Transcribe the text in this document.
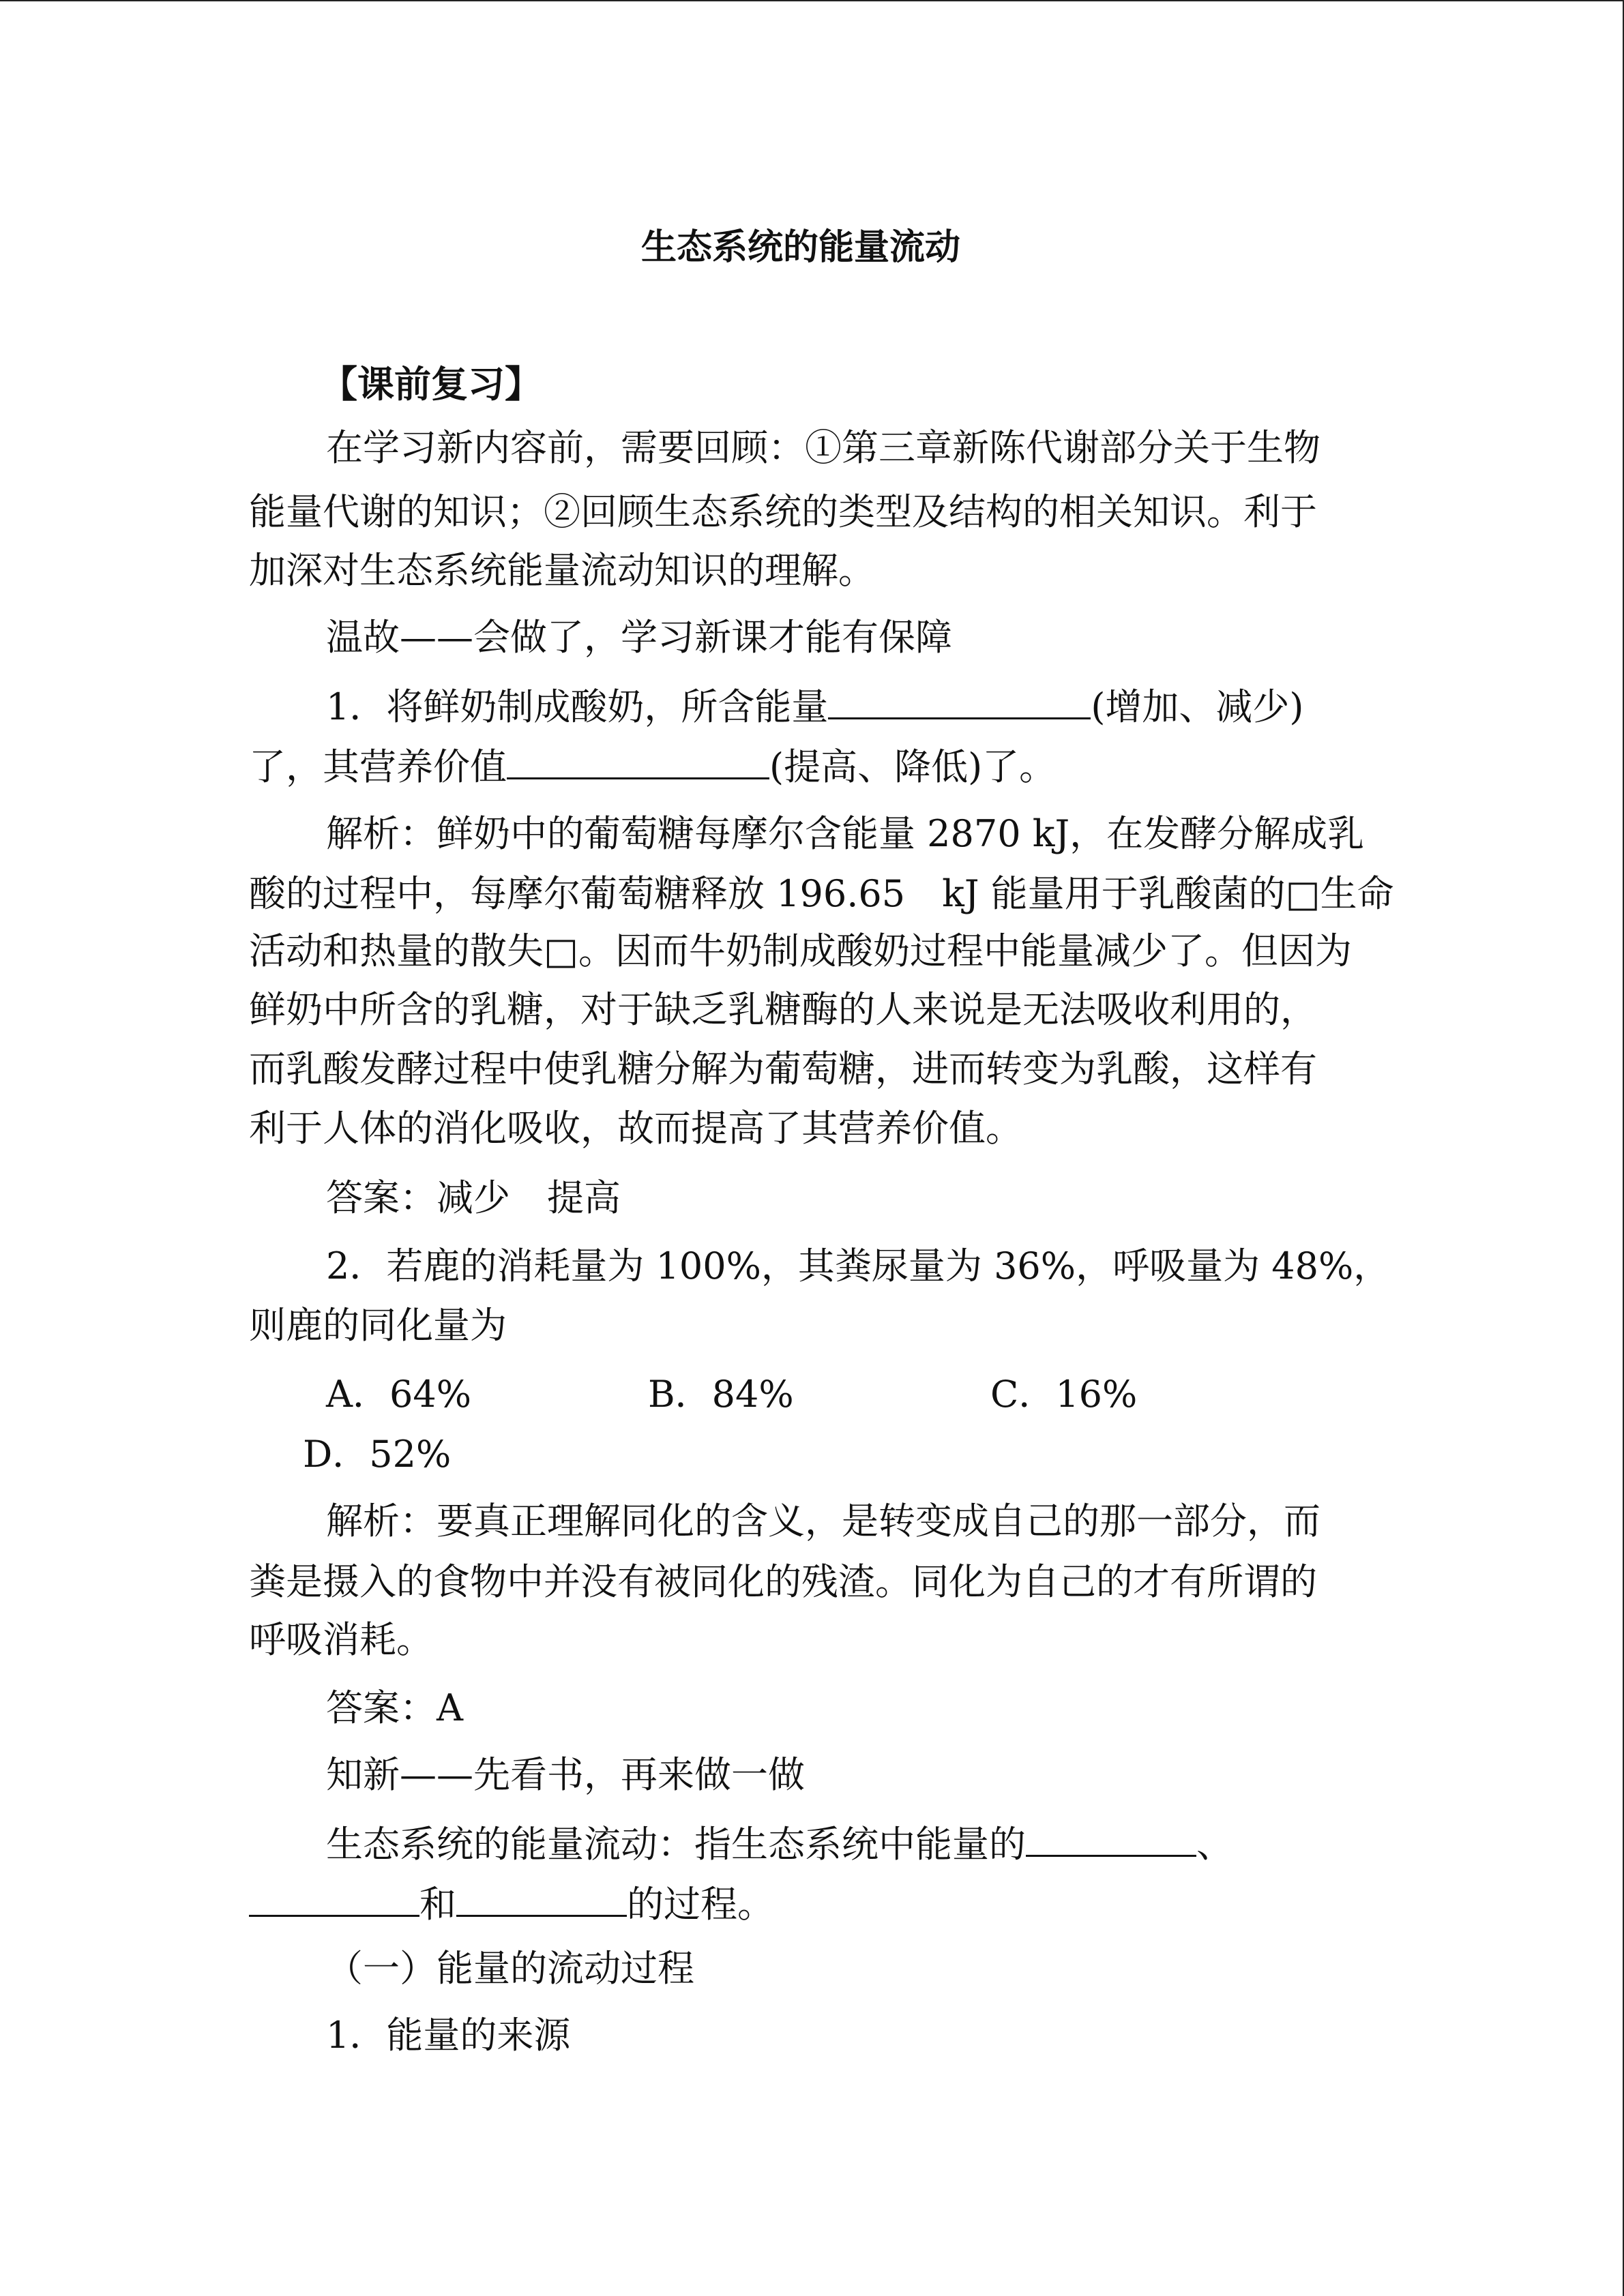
生态系统的能量流动
【课前复习】
在学习新内容前，需要回顾：①第三章新陈代谢部分关于生物
能量代谢的知识；②回顾生态系统的类型及结构的相关知识。利于
加深对生态系统能量流动知识的理解。
温故——会做了，学习新课才能有保障
1．将鲜奶制成酸奶，所含能量	(增加、减少)
了，其营养价值	(提高、降低)了。
解析：鲜奶中的葡萄糖每摩尔含能量 2870 kJ，在发酵分解成乳
酸的过程中，每摩尔葡萄糖释放 196.65　kJ 能量用于乳酸菌的□生命
活动和热量的散失□。因而牛奶制成酸奶过程中能量减少了。但因为
鲜奶中所含的乳糖，对于缺乏乳糖酶的人来说是无法吸收利用的，
而乳酸发酵过程中使乳糖分解为葡萄糖，进而转变为乳酸，这样有
利于人体的消化吸收，故而提高了其营养价值。
答案：减少　提高
2．若鹿的消耗量为 100%，其粪尿量为 36%，呼吸量为 48%，
则鹿的同化量为
A．64%	B．84%	C．16%
D．52%
解析：要真正理解同化的含义，是转变成自己的那一部分，而
粪是摄入的食物中并没有被同化的残渣。同化为自己的才有所谓的
呼吸消耗。
答案：A
知新——先看书，再来做一做
生态系统的能量流动：指生态系统中能量的	、
和	的过程。
（一）能量的流动过程
1．能量的来源
